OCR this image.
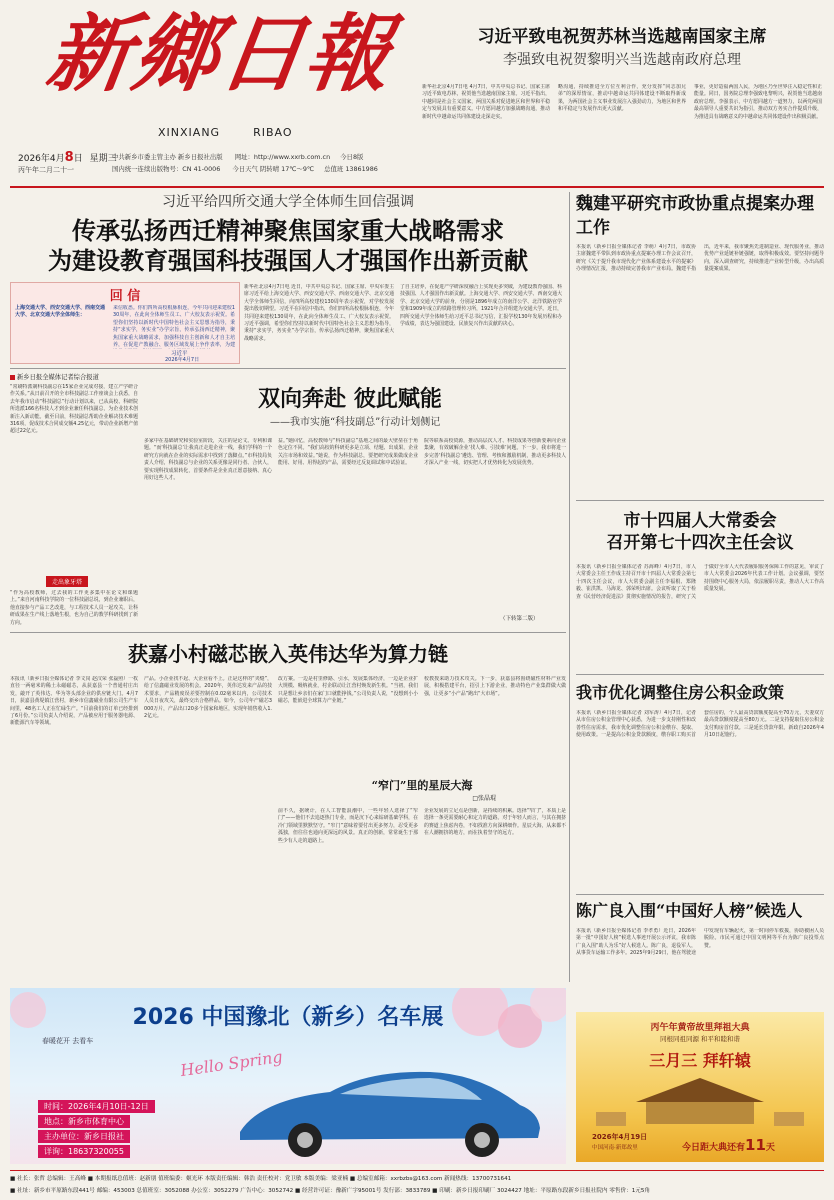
新鄉日報
XINXIANG	RIBAO
2026年4月8日 星期三
丙午年二月二十一
中共新乡市委主管主办 新乡日报社出版 网址：http://www.xxrb.com.cn 今日8版
国内统一连续出版物号：CN 41-0006 今日天气 阴转晴 17℃～9℃ 总值班 13861986
习近平致电祝贺苏林当选越南国家主席
李强致电祝贺黎明兴当选越南政府总理
新华社北京4月7日电 4月7日，中共中央总书记、国家主席习近平致电苏林，祝贺他当选越南国家主席。习近平指出，中越同是社会主义国家，两国关系对促进地区和世界和平稳定与发展具有重要意义。中方愿同越方加强战略沟通，推动新时代中越命运共同体建设走深走实。
略沟通，持续推进全方位互利合作，充分发挥“同志加兄弟”的深厚情谊，推动中越命运共同体建设不断取得新成果，为两国社会主义事业发展注入强劲动力，为地区和世界和平稳定与发展作出更大贡献。
事业，更好造福两国人民，为地区乃至世界注入稳定性和正能量。同日，国务院总理李强致电黎明兴，祝贺他当选越南政府总理。李强表示，中方愿同越方一道努力，以两党两国最高领导人重要共识为指引，推动双方务实合作提质升级，为推进具有战略意义的中越命运共同体建设作出积极贡献。
习近平给四所交通大学全体师生回信强调
传承弘扬西迁精神聚焦国家重大战略需求
为建设教育强国科技强国人才强国作出新贡献
回 信
上海交通大学、西安交通大学、西南交通大学、北京交通大学全体师生：
来信收悉。你们四所高校根脉相连，今年共同迎来建校130周年，在此向全体师生员工、广大校友表示祝贺。希望你们坚持以新时代中国特色社会主义思想为指导，秉持“求实学，务实业”办学宗旨，传承弘扬西迁精神，聚焦国家重大战略需求，加强科技自主创新和人才自主培养，在促进产教融合、服务区域发展上争作表率，为建
习近平
2026年4月7日
新华社北京4月7日电 近日，中共中央总书记、国家主席、中央军委主席习近平给上海交通大学、西安交通大学、西南交通大学、北京交通大学全体师生回信，向四所高校建校130周年表示祝贺，对学校发展提出殷切期望。习近平在回信中指出，你们四所高校根脉相连，今年共同迎来建校130周年，在此向全体师生员工、广大校友表示祝贺。习近平强调，希望你们坚持以新时代中国特色社会主义思想为指导，秉持“求实学，务实业”办学宗旨，传承弘扬西迁精神，聚焦国家重大战略需求。
了自主培养，在促进产学研深度融合上实现更多突破，为建设教育强国、科技强国、人才强国作出新贡献。上海交通大学、西安交通大学、西南交通大学、北京交通大学的前身，分别是1896年成立的南洋公学、北洋铁路官学堂和1909年成立的铁路管理传习所，1921年合并组建为交通大学。近日，四所交通大学全体师生给习近平总书记写信，汇报学校130年发展历程和办学成绩，表达为强国建设、民族复兴作出贡献的决心。
魏建平研究市政协重点提案办理工作
本报讯（新乡日报全媒体记者 李萌）4月7日，市政协主席魏建平带队到市政协重点提案办理工作会议召开，研究《关于提升我市现代化产业体系建设水平的提案》办理情况汇报，推动持续完善我市产业布局。魏建平指出，近年来，我市聚焦先进制造业、现代服务业，推动优势产业延链补链强链，取得积极成效。要坚持问题导向，深入调查研究，持续推进产业转型升级，办出高质量提案成果。
市十四届人大常委会
召开第七十四次主任会议
本报讯（新乡日报全媒体记者 苏海峰）4月7日，市人大常委会主任王作成主持召开市十四届人大常委会第七十四次主任会议，市人大常委会副主任李福根、郑隆毅、崔洪凯、马海龙、郭荣明出席。会议听取了关于检查《民营经济促进法》贯彻实施情况的报告，研究了关于做好全市人大代表履职服务保障工作的意见，审议了市人大常委会2026年代表工作计划。会议强调，要坚持围绕中心服务大局，依法履职尽责，推动人大工作高质量发展。
我市优化调整住房公积金政策
本报讯（新乡日报全媒体记者 刘军涛）4月7日，记者从市住房公积金管理中心获悉，为进一步支持刚性和改善性住房需求，我市优化调整住房公积金缴存、提取、使用政策。一是提高公积金贷款额度，缴存职工购买首套住房的，个人最高贷款额度提高至70万元，夫妻双方最高贷款额度提高至80万元。二是支持提取住房公积金支付购房首付款。三是延长贷款年限。新政自2026年4月10日起施行。
陈广良入围“中国好人榜”候选人
本报讯（新乡日报全媒体记者 李孝勇）近日，2026年第一批“中国好人榜”候选人事迹开展公示评议，我市陈广良入围“助人为乐”好人候选人。陈广良，退役军人，从事货车运输工作多年。2025年9月29日，他在驾驶途中发现有车辆起火，第一时间停车救援，协助被困人员脱险。市民可通过中国文明网等平台为陈广良投票点赞。
新乡日报全媒体记者综合报道
“常刷特派制科技副总在15家企业完成对接，建立产学研合作关系。”从日前召开的全市科技副总工作座谈会上获悉，自去年我市启动“科技副总”行动计划以来，已从高校、科研院所选派166名科技人才到企业兼任科技副总，为企业技术创新注入新动能。截至目前，科技副总帮助企业解决技术难题316项，促成技术合同成交额4.25亿元，带动企业新增产值超过22亿元。
走出象牙塔
“作为高校教师，过去我的工作更多集中在论文和课题上。”来自河南科技学院的一位科技副总说，到企业兼职后，他直接参与产品工艺改进，与工程技术人员一起攻关，让科研成果在生产线上落地生根，也为自己的教学科研找到了新方向。
双向奔赴 彼此赋能
——我市实施“科技副总”行动计划侧记
多家中在基础研究和实验室阶段，关注的是论文、专利和课题。“而‘科技副总’让我真正走进企业一线，我们学科的一个研究方向就在企业的实际需求中找到了落脚点。”市科技局负责人介绍，科技副总与企业的关系更像是同行者、合伙人，要实现科技成果转化，首要条件是企业真正愿意接纳、真心用好这些人才。
益。”她回忆，高校教师与“科技副总”基地之间的最大壁垒在于角色定位不同。“我们高校的科研更多是立项、结题、出成果，企业关注市场和效益。”她说，作为科技副总，要把研究成果做成企业能用、好用、用得起的产品，需要经过反复调试和中试验证。
院等联系高校资源，推动高层次人才、科技成果等创新要素向企业集聚，有效破解企业‘找人难、引技难’问题。下一步，我市将进一步完善‘科技副总’遴选、管理、考核和激励机制，推动更多科技人才深入产业一线，切实把人才优势转化为发展优势。
（下转第二版）
获嘉小村磁芯嵌入英伟达华为算力链
本报讯（新乡日报全媒体记者 李文岗 赵汉荣 张磊照）一枚直径一两毫米的稀土永磁磁芯，从获嘉县一个普通村庄出发，敲开了英伟达、华为等头部企业的供应链大门。4月7日，获嘉县黄堤镇江营村，新乡市信鑫磁业有限公司生产车间里，48名工人正在忙碌生产。“目前我们的订单已经排到了6月份。”公司负责人介绍说，产品被应用于服务器电源、新能源汽车等领域。
产品。小企业找不起、大企业看不上。正是这样的“夹缝”，给了信鑫磁业发展的机会。2020年，英伟达发来产品的技术要求，产品精度误差要控制在0.02毫米以内，公司技术人员日夜攻关，最终交出合格样品。如今，公司年产磁芯3000万片，产品出口20多个国家和地区，实现年销售收入1.2亿元。
改方案。一边是村里修路、引水，发展集体经济，一边是企业扩大规模、吸纳就业，村企联动让江营村焕发新生机。“当初，我们只是想让乡亲们在家门口就能挣钱。”公司负责人说，“没想到小小磁芯，能嵌进全球算力产业链。”
校教授来助力技术攻关。下一步，获嘉县将围绕磁性材料产业发展，积极搭建平台，招引上下游企业，推动特色产业集群做大做强，让更多“小产品”跑出“大市场”。
“窄门”里的星辰大海
□张晶琨
前不久，据统计，在人工智能浪潮中，一些年轻人选择了“窄门”——他们不去追逐热门专业，而是沉下心来钻研基础学科，在冷门领域里默默坚守。“窄门”意味着要付出更多努力，忍受更多孤独，但往往也通向更深远的风景。真正的创新，常常诞生于那些少有人走的道路上。
企业发展的立足点是创新，是持续的积累。选择“窄门”，本质上是选择一条更需要耐心和定力的道路。对于年轻人而言，与其在拥挤的赛道上焦虑内卷，不如找准方向深耕细作。星辰大海，从来都不在人潮拥挤的地方，而在执着坚守的远方。
2026 中国豫北（新乡）名车展
春暖花开 去看车
Hello Spring
时间：2026年4月10日-12日
地点：新乡市体育中心
主办单位：新乡日报社
详询：18637320055
丙午年黄帝故里拜祖大典
同根同祖同源 和平和睦和谐
三月三 拜轩辕
2026年4月19日
中国河南·新郑故里	今日距大典还有11天
■ 社长：张哲 总编辑：王高峰 ■ 本期报纸总值班：赵新朋 值班编委：姬光环 本版责任编辑：韩浩 责任校对：党卫敏 本版美编：梁亚楠 ■ 总编室邮箱：xxrbzbs@163.com 新闻热线：13700731641
■ 社址：新乡市平原路东段441号 邮编：453003 总值班室：3052088 办公室：3052279 广告中心：3052742 ■ 经营许可证：豫新广字95001号 发行部：3833789 ■ 印刷：新乡日报印刷厂 3024427 地址：平原路东段新乡日报社院内 零售价：1元5角
